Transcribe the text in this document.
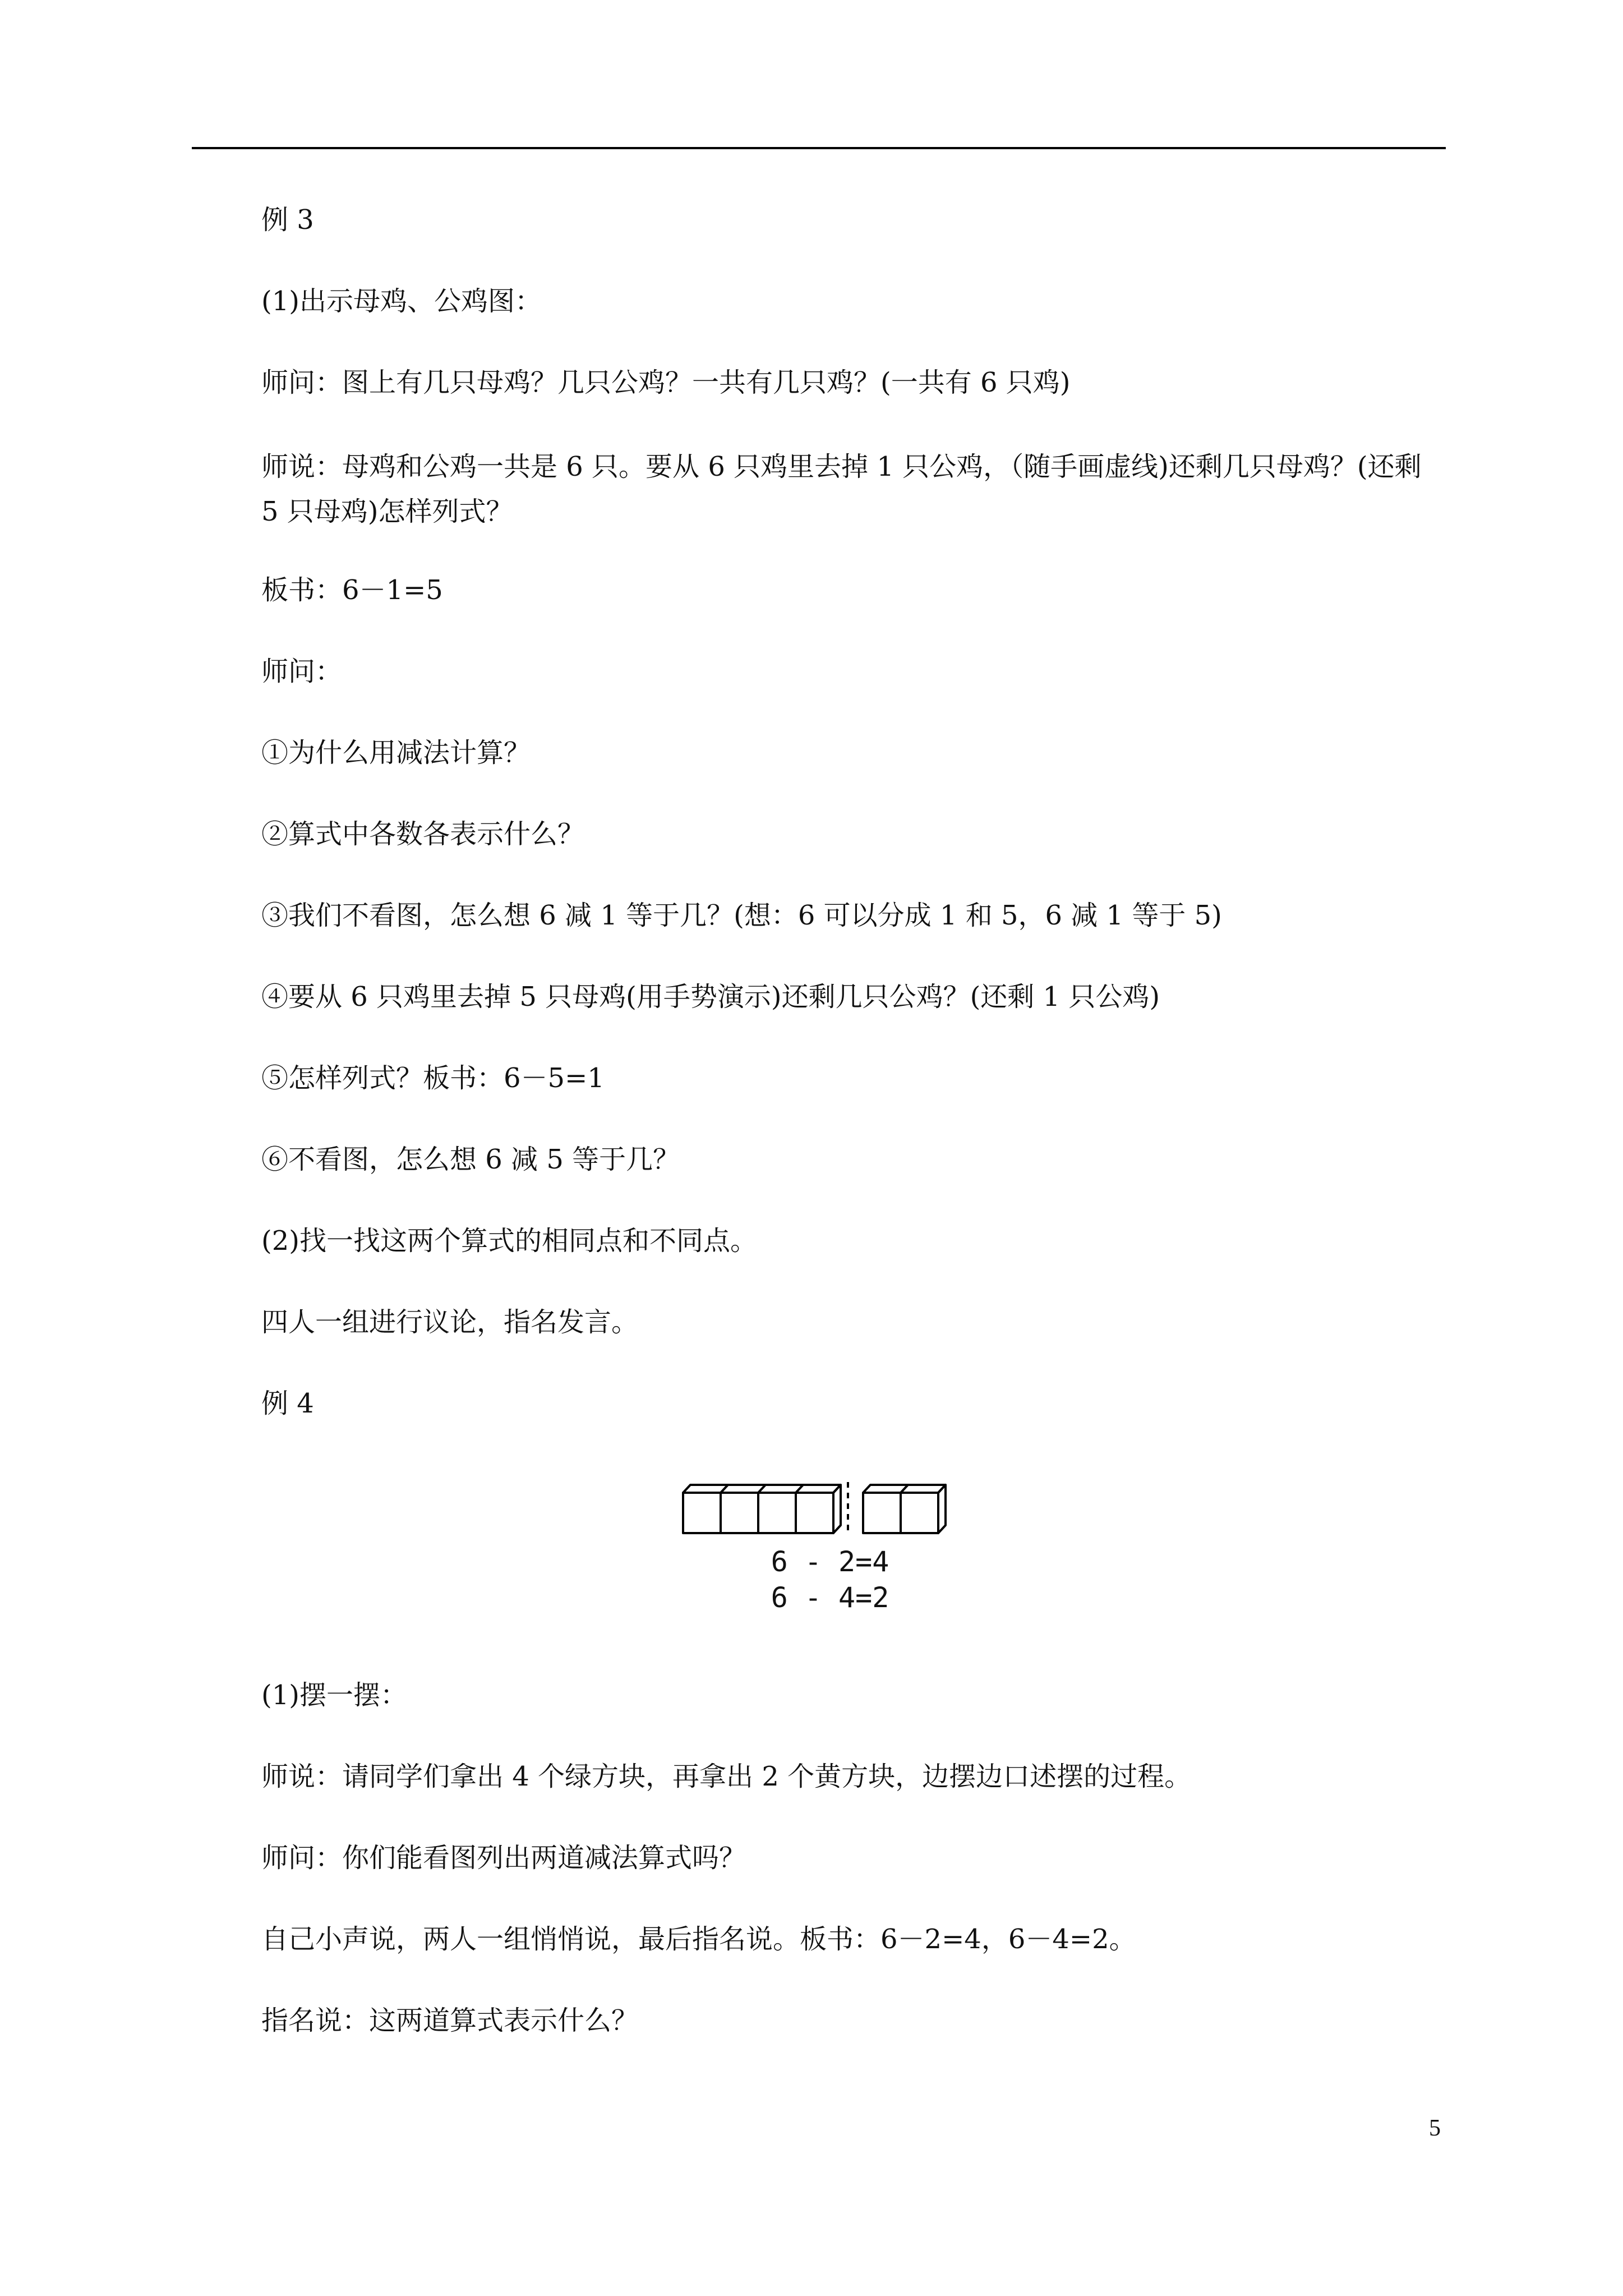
例 3
(1)出示母鸡、公鸡图：
师问：图上有几只母鸡？几只公鸡？一共有几只鸡？(一共有 6 只鸡)
师说：母鸡和公鸡一共是 6 只。要从 6 只鸡里去掉 1 只公鸡，（随手画虚线)还剩几只母鸡？(还剩 5 只母鸡)怎样列式？
板书：6－1=5
师问：
①为什么用减法计算？
②算式中各数各表示什么？
③我们不看图，怎么想 6 减 1 等于几？(想：6 可以分成 1 和 5，6 减 1 等于 5)
④要从 6 只鸡里去掉 5 只母鸡(用手势演示)还剩几只公鸡？(还剩 1 只公鸡)
⑤怎样列式？板书：6－5=1
⑥不看图，怎么想 6 减 5 等于几？
(2)找一找这两个算式的相同点和不同点。
四人一组进行议论，指名发言。
例 4
6 - 2=4
6 - 4=2
(1)摆一摆：
师说：请同学们拿出 4 个绿方块，再拿出 2 个黄方块，边摆边口述摆的过程。
师问：你们能看图列出两道减法算式吗？
自己小声说，两人一组悄悄说，最后指名说。板书：6－2=4，6－4=2。
指名说：这两道算式表示什么？
5
